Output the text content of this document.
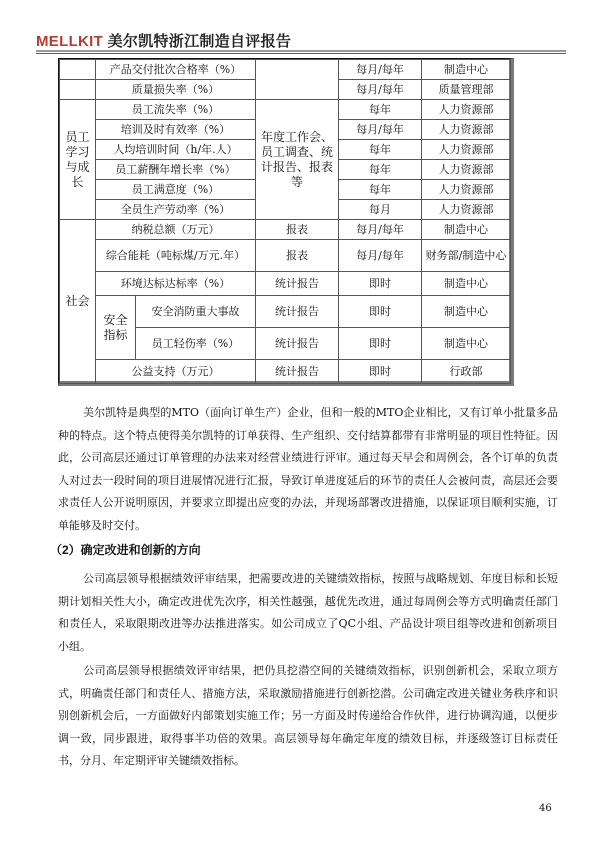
MELLKIT 美尔凯特浙江制造自评报告
	产品交付批次合格率（%）			每月/每年	制造中心
	质量损失率（%）			每月/每年	质量管理部
员工学习与成长	员工流失率（%）		年度工作会、员工调查、统计报告、报表等	每年	人力资源部
	培训及时有效率（%）			每月/每年	人力资源部
	人均培训时间（h/年.人）			每年	人力资源部
	员工薪酬年增长率（%）			每年	人力资源部
	员工满意度（%）			每年	人力资源部
	全员生产劳动率（%）			每月	人力资源部
社会	纳税总额（万元）		报表	每月/每年	制造中心
	综合能耗（吨标煤/万元.年）		报表	每月/每年	财务部/制造中心
	环境达标达标率（%）		统计报告	即时	制造中心
	安全指标	安全消防重大事故	统计报告	即时	制造中心
		员工轻伤率（%）	统计报告	即时	制造中心
	公益支持（万元）		统计报告	即时	行政部

美尔凯特是典型的MTO（面向订单生产）企业，但和一般的MTO企业相比，又有订单小批量多品种的特点。这个特点使得美尔凯特的订单获得、生产组织、交付结算都带有非常明显的项目性特征。因此，公司高层还通过订单管理的办法来对经营业绩进行评审。通过每天早会和周例会，各个订单的负责人对过去一段时间的项目进展情况进行汇报，导致订单进度延后的环节的责任人会被问责，高层还会要求责任人公开说明原因，并要求立即提出应变的办法，并现场部署改进措施，以保证项目顺利实施，订单能够及时交付。

（2）确定改进和创新的方向

公司高层领导根据绩效评审结果，把需要改进的关键绩效指标，按照与战略规划、年度目标和长短期计划相关性大小，确定改进优先次序，相关性越强，越优先改进，通过每周例会等方式明确责任部门和责任人，采取限期改进等办法推进落实。如公司成立了QC小组、产品设计项目组等改进和创新项目小组。

公司高层领导根据绩效评审结果，把仍具挖潜空间的关键绩效指标，识别创新机会，采取立项方式，明确责任部门和责任人、措施方法，采取激励措施进行创新挖潜。公司确定改进关键业务秩序和识别创新机会后，一方面做好内部策划实施工作；另一方面及时传递给合作伙伴，进行协调沟通，以便步调一致，同步跟进，取得事半功倍的效果。高层领导每年确定年度的绩效目标，并逐级签订目标责任书，分月、年定期评审关键绩效指标。

46
